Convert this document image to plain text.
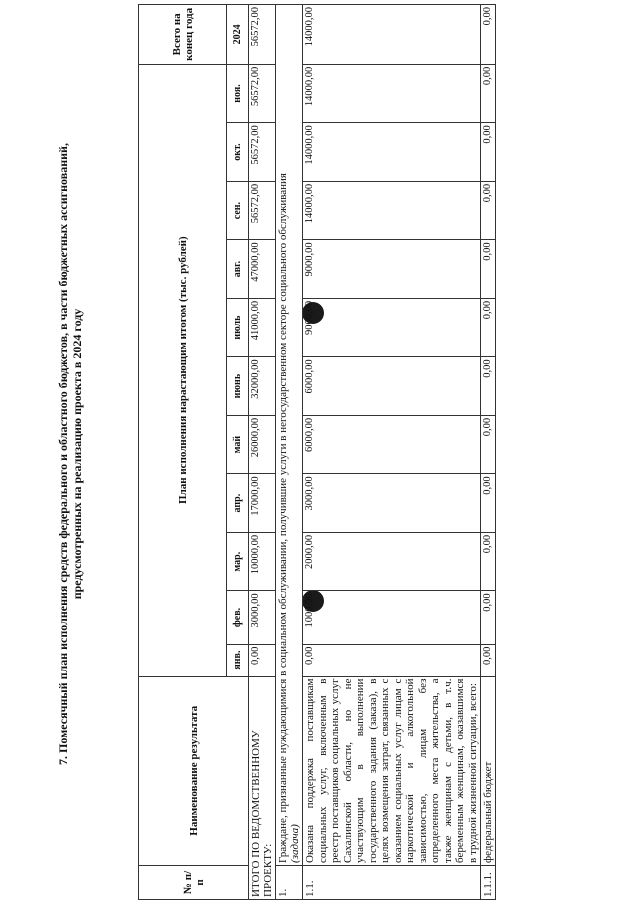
7. Помесячный план исполнения средств федерального и областного бюджетов, в части бюджетных ассигнований, предусмотренных на реализацию проекта в 2024 году
№ п/п	Наименование результата	План исполнения нарастающим итогом (тыс. рублей)											Всего на конец года
		янв.	фев.	мар.	апр.	май	июнь	июль	авг.	сен.	окт.	ноя.	2024
ИТОГО ПО ВЕДОМСТВЕННОМУ ПРОЕКТУ:		0,00	3000,00	10000,00	17000,00	26000,00	32000,00	41000,00	47000,00	56572,00	56572,00	56572,00	56572,00
1.	Граждане, признанные нуждающимися в социальном обслуживании, получившие услуги в негосударственном секторе социального обслуживания
(задача)												
1.1.	Оказана поддержка поставщикам социальных услуг, включенным в реестр поставщиков социальных услуг Сахалинской области, но не участвующим в выполнении государственного задания (заказа), в целях возмещения затрат, связанных с оказанием социальных услуг лицам с наркотической и алкогольной зависимостью, лицам без определенного места жительства, а также женщинам с детьми, в т.ч. беременным женщинам, оказавшимся в трудной жизненной ситуации, всего:	0,00	1000,00	2000,00	3000,00	6000,00	6000,00	9000,00	9000,00	14000,00	14000,00	14000,00	14000,00
1.1.1.	федеральный бюджет	0,00	0,00	0,00	0,00	0,00	0,00	0,00	0,00	0,00	0,00	0,00	0,00
